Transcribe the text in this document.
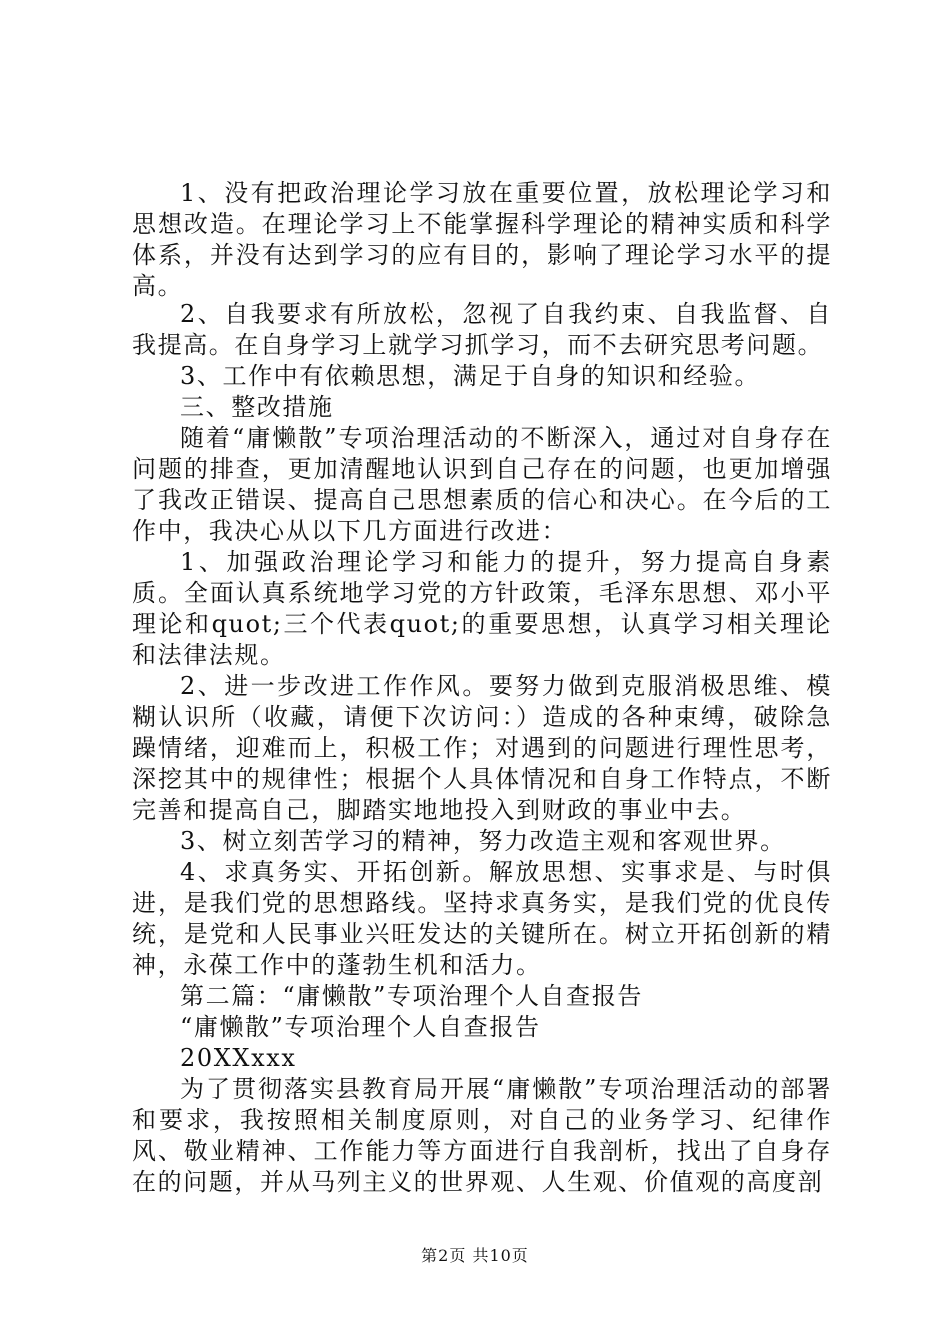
1、没有把政治理论学习放在重要位置，放松理论学习和思想改造。在理论学习上不能掌握科学理论的精神实质和科学体系，并没有达到学习的应有目的，影响了理论学习水平的提高。

2、自我要求有所放松，忽视了自我约束、自我监督、自我提高。在自身学习上就学习抓学习，而不去研究思考问题。

3、工作中有依赖思想，满足于自身的知识和经验。

三、整改措施

随着“庸懒散”专项治理活动的不断深入，通过对自身存在问题的排查，更加清醒地认识到自己存在的问题，也更加增强了我改正错误、提高自己思想素质的信心和决心。在今后的工作中，我决心从以下几方面进行改进：

1、加强政治理论学习和能力的提升，努力提高自身素质。全面认真系统地学习党的方针政策，毛泽东思想、邓小平理论和quot;三个代表quot;的重要思想，认真学习相关理论和法律法规。

2、进一步改进工作作风。要努力做到克服消极思维、模糊认识所（收藏，请便下次访问：）造成的各种束缚，破除急躁情绪，迎难而上，积极工作；对遇到的问题进行理性思考，深挖其中的规律性；根据个人具体情况和自身工作特点，不断完善和提高自己，脚踏实地地投入到财政的事业中去。

3、树立刻苦学习的精神，努力改造主观和客观世界。

4、求真务实、开拓创新。解放思想、实事求是、与时俱进，是我们党的思想路线。坚持求真务实，是我们党的优良传统，是党和人民事业兴旺发达的关键所在。树立开拓创新的精神，永葆工作中的蓬勃生机和活力。

第二篇：“庸懒散”专项治理个人自查报告

“庸懒散”专项治理个人自查报告

20XXxxx

为了贯彻落实县教育局开展“庸懒散”专项治理活动的部署和要求，我按照相关制度原则，对自己的业务学习、纪律作风、敬业精神、工作能力等方面进行自我剖析，找出了自身存在的问题，并从马列主义的世界观、人生观、价值观的高度剖

第2页 共10页
